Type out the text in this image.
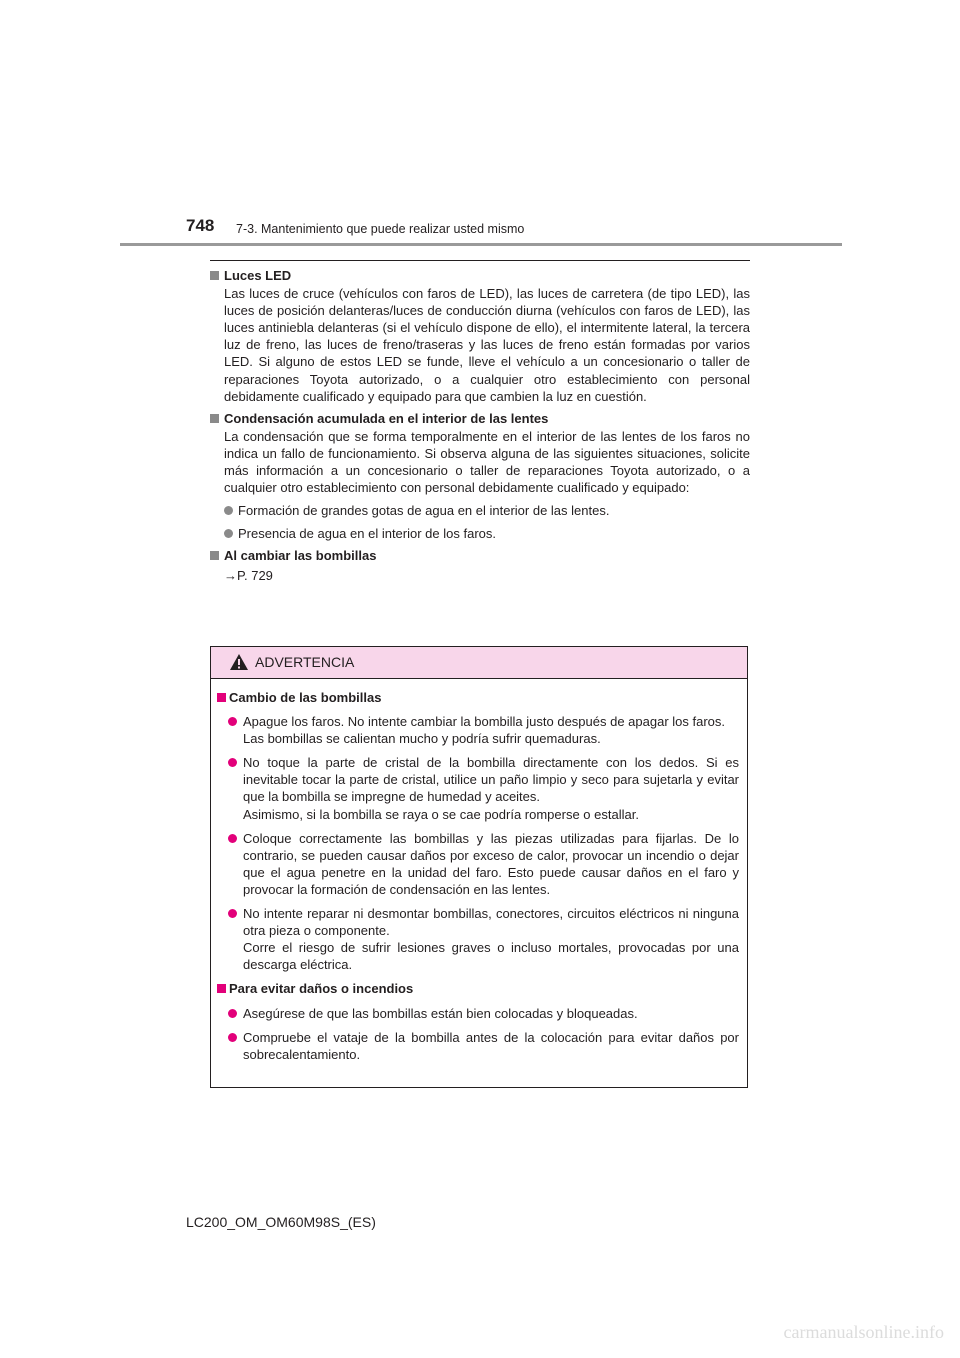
748 7-3. Mantenimiento que puede realizar usted mismo
Luces LED
Las luces de cruce (vehículos con faros de LED), las luces de carretera (de tipo LED), las luces de posición delanteras/luces de conducción diurna (vehículos con faros de LED), las luces antiniebla delanteras (si el vehículo dispone de ello), el intermitente lateral, la tercera luz de freno, las luces de freno/traseras y las luces de freno están formadas por varios LED. Si alguno de estos LED se funde, lleve el vehículo a un concesionario o taller de reparaciones Toyota autorizado, o a cualquier otro establecimiento con personal debidamente cualificado y equipado para que cambien la luz en cuestión.
Condensación acumulada en el interior de las lentes
La condensación que se forma temporalmente en el interior de las lentes de los faros no indica un fallo de funcionamiento. Si observa alguna de las siguientes situaciones, solicite más información a un concesionario o taller de reparaciones Toyota autorizado, o a cualquier otro establecimiento con personal debidamente cualificado y equipado:
Formación de grandes gotas de agua en el interior de las lentes.
Presencia de agua en el interior de los faros.
Al cambiar las bombillas
→P. 729
ADVERTENCIA
Cambio de las bombillas
Apague los faros. No intente cambiar la bombilla justo después de apagar los faros.
Las bombillas se calientan mucho y podría sufrir quemaduras.
No toque la parte de cristal de la bombilla directamente con los dedos. Si es inevitable tocar la parte de cristal, utilice un paño limpio y seco para sujetarla y evitar que la bombilla se impregne de humedad y aceites.
Asimismo, si la bombilla se raya o se cae podría romperse o estallar.
Coloque correctamente las bombillas y las piezas utilizadas para fijarlas. De lo contrario, se pueden causar daños por exceso de calor, provocar un incendio o dejar que el agua penetre en la unidad del faro. Esto puede causar daños en el faro y provocar la formación de condensación en las lentes.
No intente reparar ni desmontar bombillas, conectores, circuitos eléctricos ni ninguna otra pieza o componente.
Corre el riesgo de sufrir lesiones graves o incluso mortales, provocadas por una descarga eléctrica.
Para evitar daños o incendios
Asegúrese de que las bombillas están bien colocadas y bloqueadas.
Compruebe el vataje de la bombilla antes de la colocación para evitar daños por sobrecalentamiento.
LC200_OM_OM60M98S_(ES)
carmanualsonline.info
